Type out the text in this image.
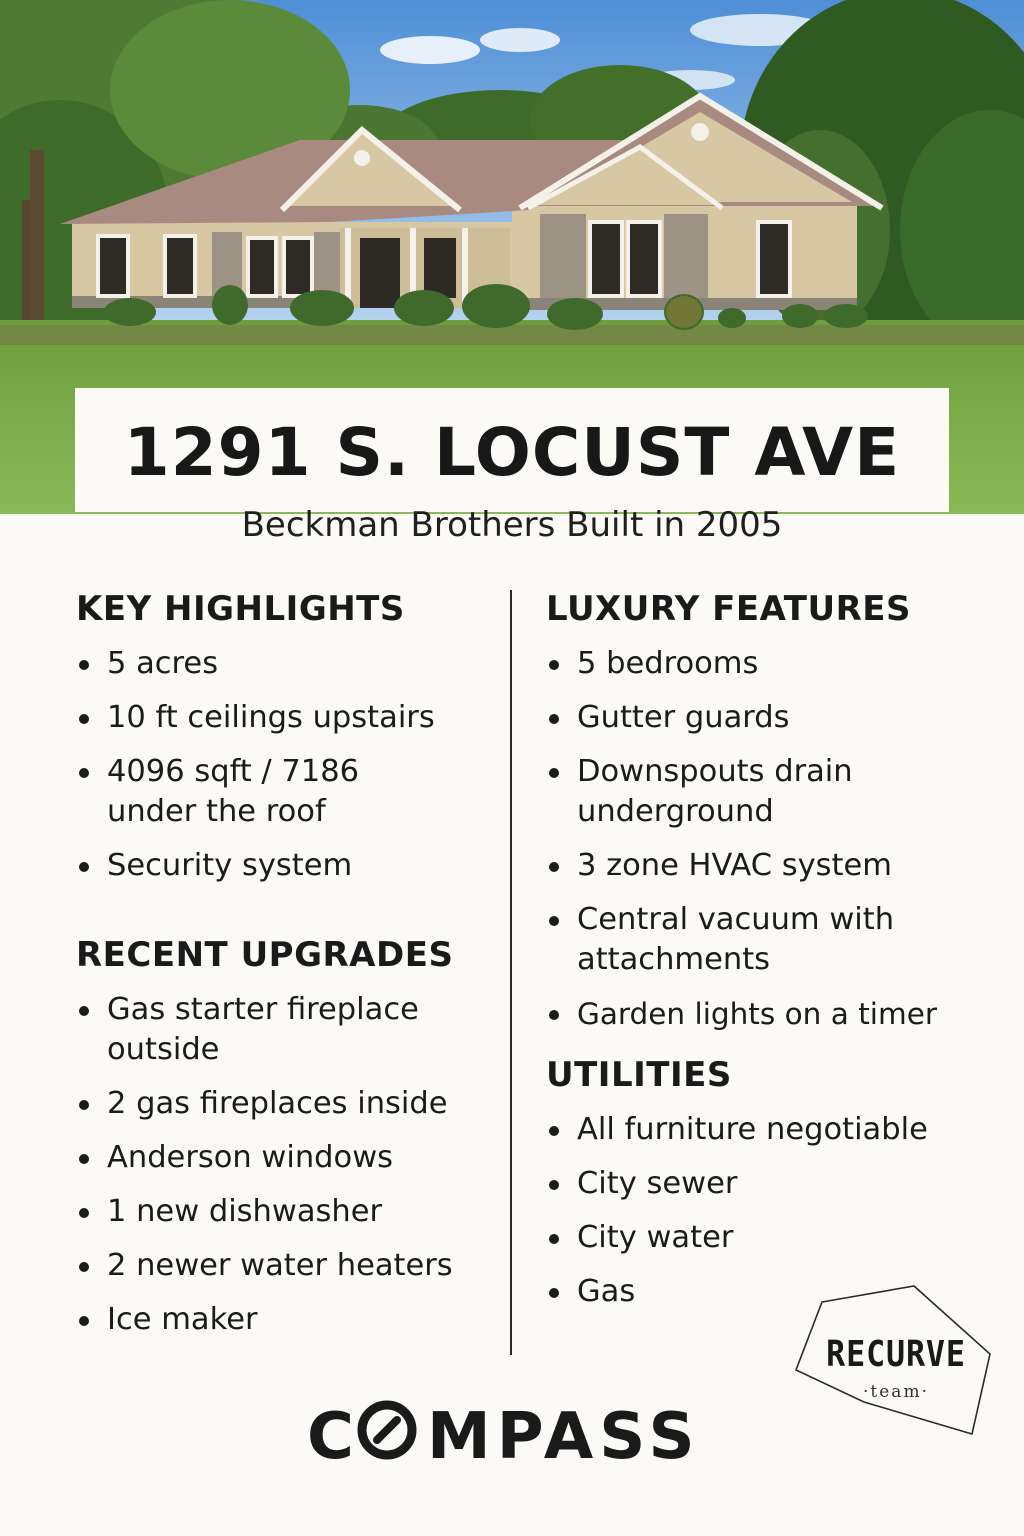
1291 S. LOCUST AVE
Beckman Brothers Built in 2005
KEY HIGHLIGHTS
5 acres
10 ft ceilings upstairs
4096 sqft / 7186 under the roof
Security system
RECENT UPGRADES
Gas starter fireplace outside
2 gas fireplaces inside
Anderson windows
1 new dishwasher
2 newer water heaters
Ice maker
LUXURY FEATURES
5 bedrooms
Gutter guards
Downspouts drain underground
3 zone HVAC system
Central vacuum with attachments
Garden lights on a timer
UTILITIES
All furniture negotiable
City sewer
City water
Gas
RECURVE
·team·
C MPASS
